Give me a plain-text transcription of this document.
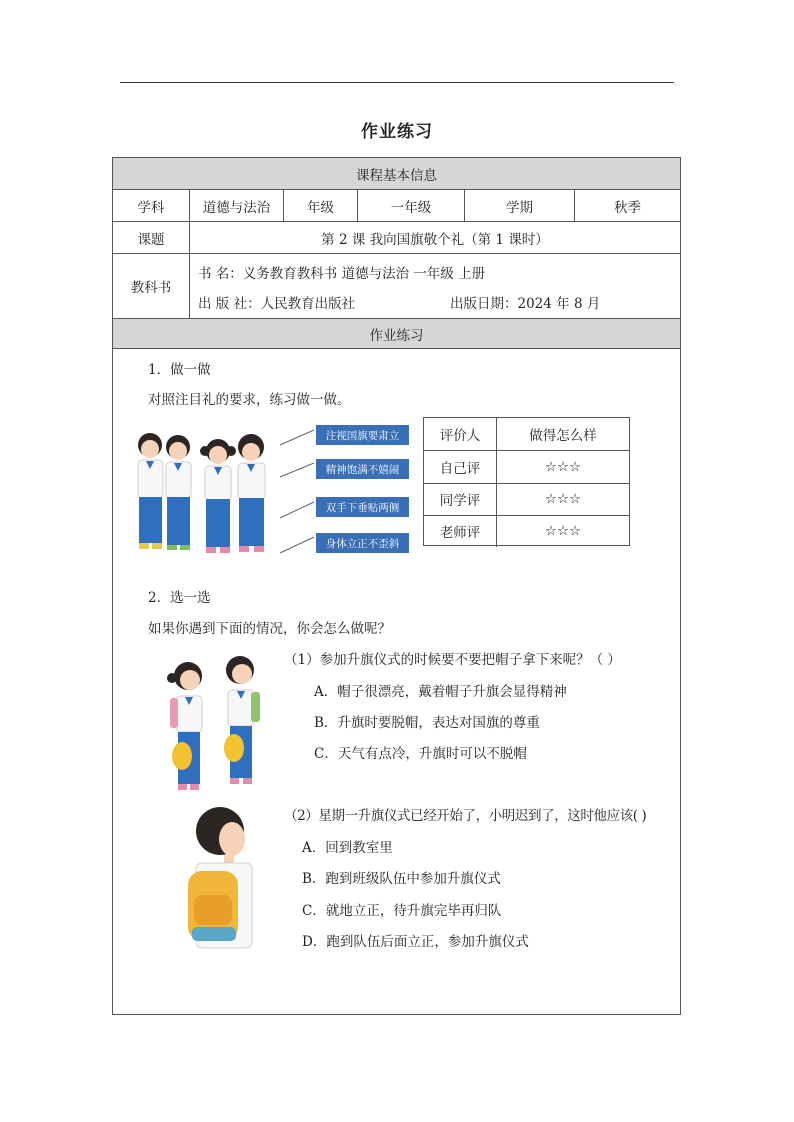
作业练习
课程基本信息
学科	道德与法治	年级	一年级	学期	秋季
课题	第 2 课 我向国旗敬个礼（第 1 课时）
教科书
书 名：义务教育教科书 道德与法治 一年级 上册
出 版 社：人民教育出版社	出版日期：2024 年 8 月
作业练习
1．做一做
对照注目礼的要求，练习做一做。
注视国旗要肃立
精神饱满不嬉闹
双手下垂贴两侧
身体立正不歪斜
评价人	做得怎么样
自己评	☆☆☆
同学评	☆☆☆
老师评	☆☆☆
2．选一选
如果你遇到下面的情况，你会怎么做呢？
（1）参加升旗仪式的时候要不要把帽子拿下来呢？（ ）
A．帽子很漂亮，戴着帽子升旗会显得精神
B．升旗时要脱帽，表达对国旗的尊重
C．天气有点冷，升旗时可以不脱帽
（2）星期一升旗仪式已经开始了，小明迟到了，这时他应该( )
A．回到教室里
B．跑到班级队伍中参加升旗仪式
C．就地立正，待升旗完毕再归队
D．跑到队伍后面立正，参加升旗仪式
